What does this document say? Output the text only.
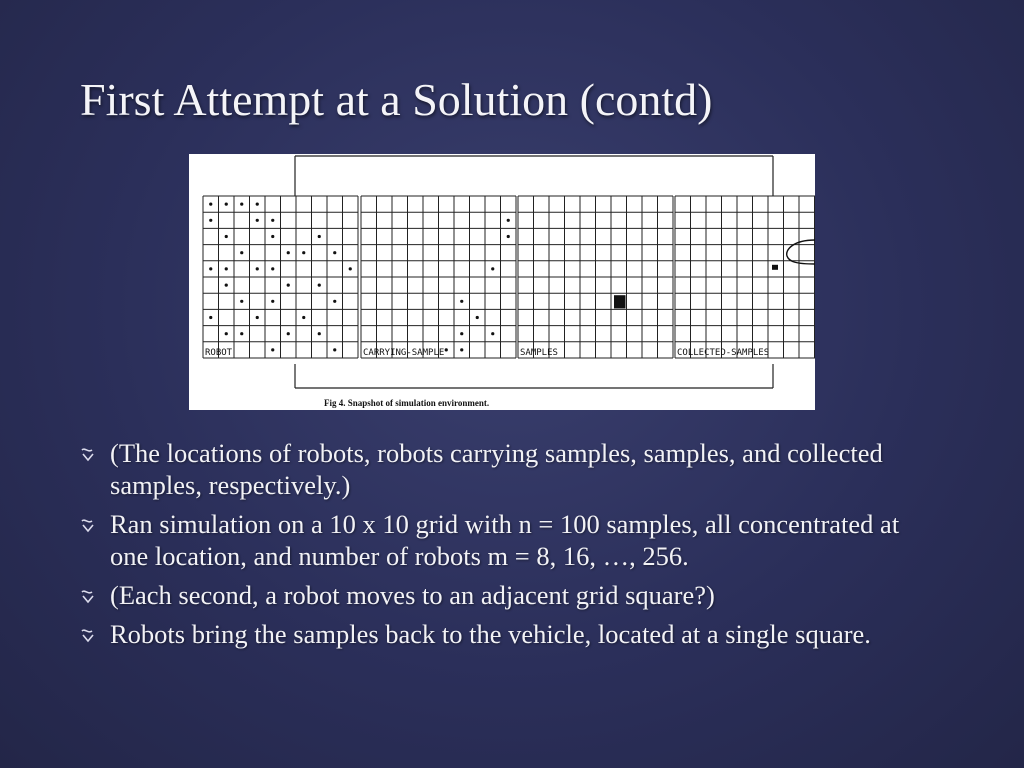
First Attempt at a Solution (contd)
ROBOT	CARRYING-SAMPLE	SAMPLES	COLLECTED-SAMPLES
Fig 4. Snapshot of simulation environment.
(The locations of robots, robots carrying samples, samples, and collected samples, respectively.)
Ran simulation on a 10 x 10 grid with n = 100 samples, all concentrated at one location, and number of robots m = 8, 16, …, 256.
(Each second, a robot moves to an adjacent grid square?)
Robots bring the samples back to the vehicle, located at a single square.
